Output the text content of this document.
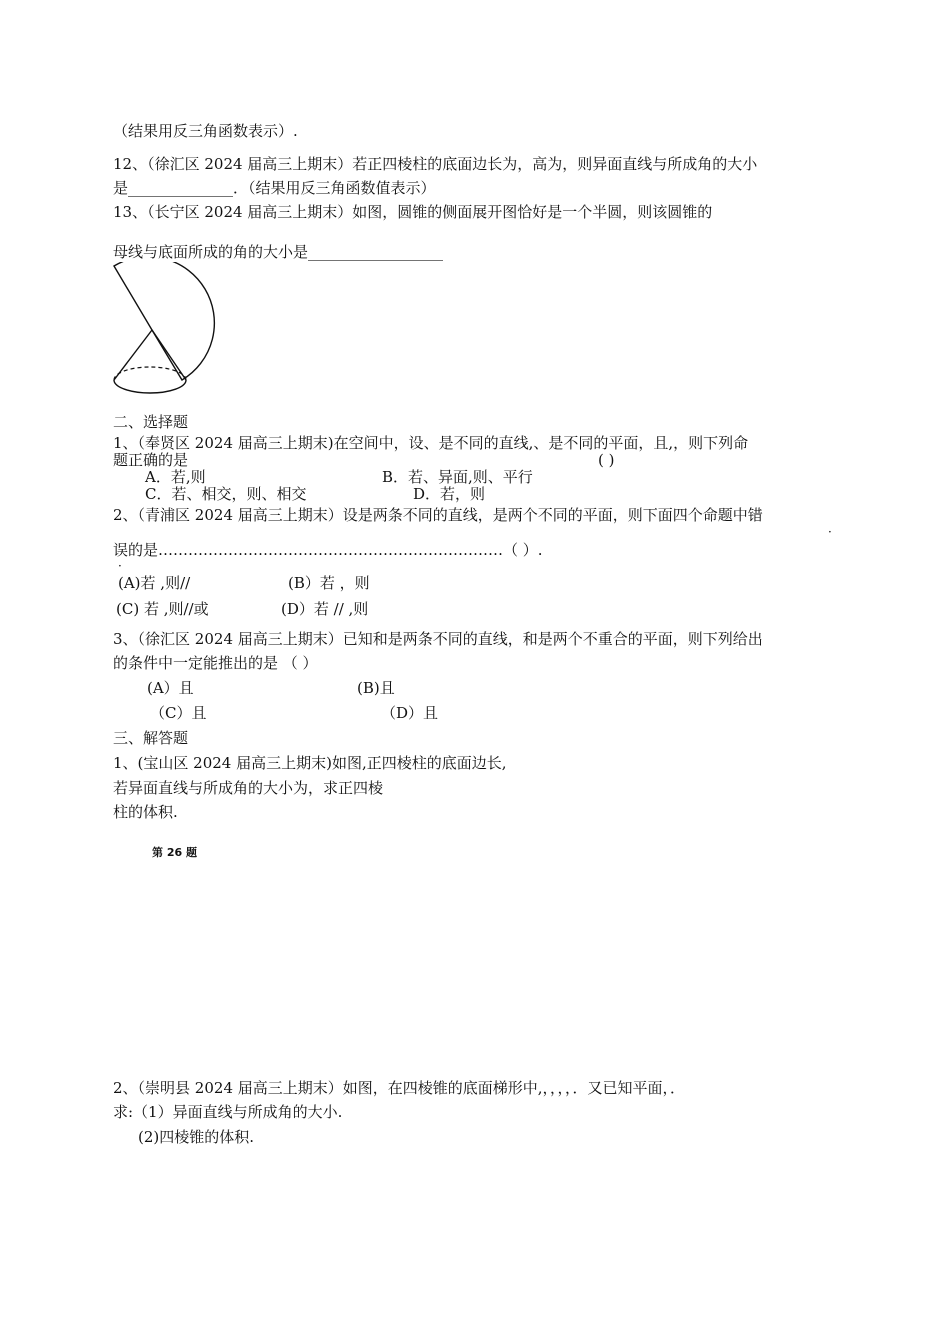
（结果用反三角函数表示）.
12、（徐汇区 2024 届高三上期末）若正四棱柱的底面边长为，高为，则异面直线与所成角的大小
是______________．（结果用反三角函数值表示）
13、（长宁区 2024 届高三上期末）如图，圆锥的侧面展开图恰好是一个半圆，则该圆锥的
母线与底面所成的角的大小是__________________
二、选择题
1、（奉贤区 2024 届高三上期末)在空间中，设、是不同的直线,、是不同的平面，且,，则下列命
题正确的是	( )
A．若,则	B．若、异面,则、平行
C．若、相交，则、相交	D．若，则
2、（青浦区 2024 届高三上期末）设是两条不同的直线，是两个不同的平面，则下面四个命题中错
·
误的是……………………………………………………………（ ）.
·
(A)若 ,则//	(B）若 ，则
(C) 若 ,则//或	(D）若 // ,则
3、（徐汇区 2024 届高三上期末）已知和是两条不同的直线，和是两个不重合的平面，则下列给出
的条件中一定能推出的是 （ ）
(A）且	(B)且
（C）且	（D）且
三、解答题
1、(宝山区 2024 届高三上期末)如图,正四棱柱的底面边长,
若异面直线与所成角的大小为，求正四棱
柱的体积.
第 26 题
2、（崇明县 2024 届高三上期末）如图，在四棱锥的底面梯形中,，，，，．又已知平面，．
求:（1）异面直线与所成角的大小.
(2)四棱锥的体积.
